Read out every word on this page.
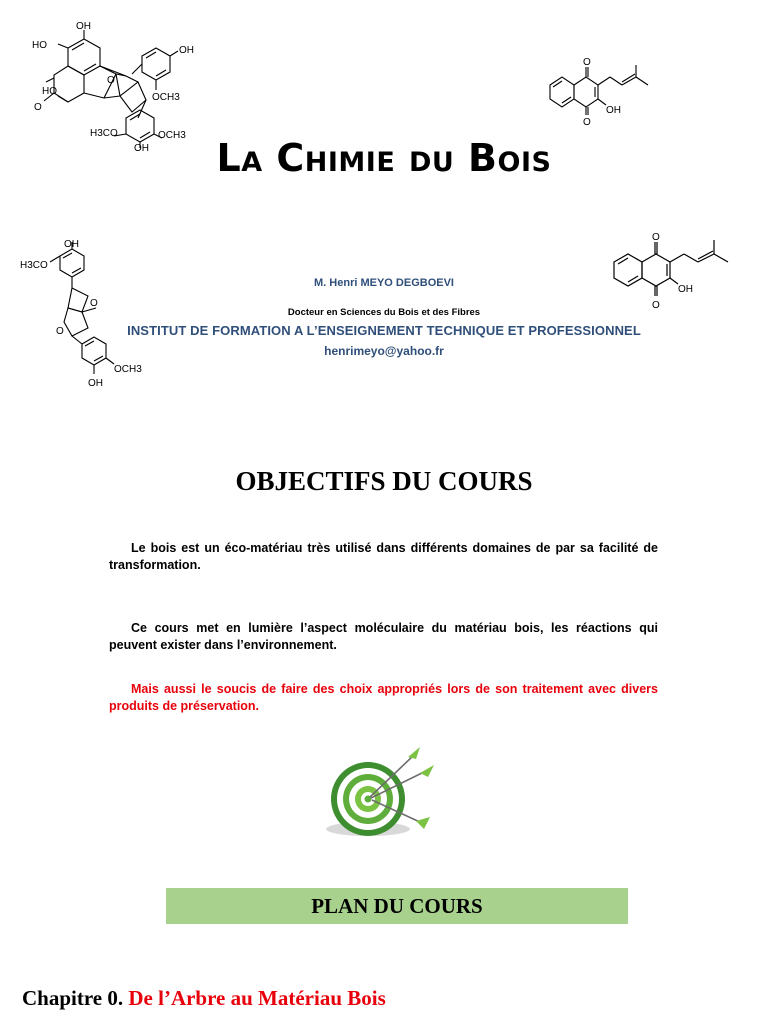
OH
HO
HO
O
O
OH
OCH3
H3CO	OCH3
OH
O
O
OH
La Chimie du Bois
OH
H3CO
O
O
OCH3
OH
O
O
OH
M. Henri MEYO DEGBOEVI
Docteur en Sciences du Bois et des Fibres
INSTITUT DE FORMATION A L’ENSEIGNEMENT TECHNIQUE ET PROFESSIONNEL
henrimeyo@yahoo.fr
OBJECTIFS DU COURS
Le bois est un éco-matériau très utilisé dans différents domaines de par sa facilité de transformation.
Ce cours met en lumière l’aspect moléculaire du matériau bois, les réactions qui peuvent exister dans l’environnement.
Mais aussi le soucis de faire des choix appropriés lors de son traitement avec divers produits de préservation.
PLAN DU COURS
Chapitre 0. De l’Arbre au Matériau Bois
